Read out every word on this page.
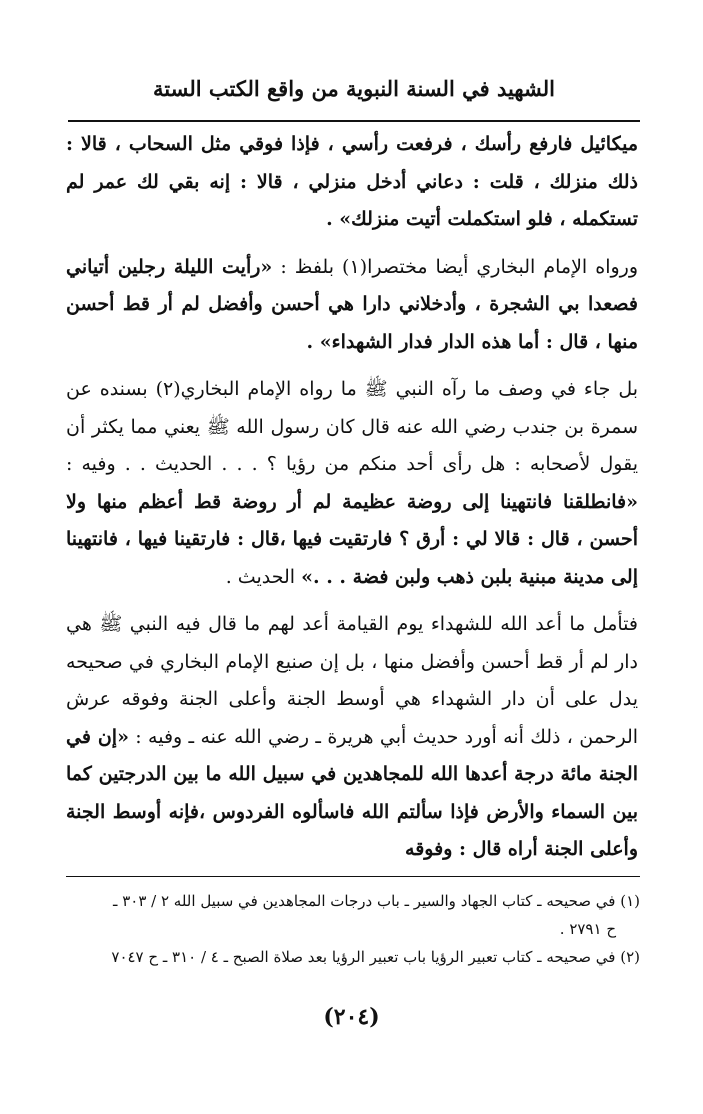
الشهيد في السنة النبوية من واقع الكتب الستة

ميكائيل فارفع رأسك ، فرفعت رأسي ، فإذا فوقي مثل السحاب ، قالا : ذلك منزلك ، قلت : دعاني أدخل منزلي ، قالا : إنه بقي لك عمر لم تستكمله ، فلو استكملت أتيت منزلك» .

ورواه الإمام البخاري أيضا مختصرا(١) بلفظ : «رأيت الليلة رجلين أتياني فصعدا بي الشجرة ، وأدخلاني دارا هي أحسن وأفضل لم أر قط أحسن منها ، قال : أما هذه الدار فدار الشهداء» .

بل جاء في وصف ما رآه النبي ﷺ ما رواه الإمام البخاري(٢) بسنده عن سمرة بن جندب رضي الله عنه قال كان رسول الله ﷺ يعني مما يكثر أن يقول لأصحابه : هل رأى أحد منكم من رؤيا ؟ . . . الحديث . . وفيه : «فانطلقنا فانتهينا إلى روضة عظيمة لم أر روضة قط أعظم منها ولا أحسن ، قال : قالا لي : أرق ؟ فارتقيت فيها ،قال : فارتقينا فيها ، فانتهينا إلى مدينة مبنية بلبن ذهب ولبن فضة . . .» الحديث .

فتأمل ما أعد الله للشهداء يوم القيامة أعد لهم ما قال فيه النبي ﷺ هي دار لم أر قط أحسن وأفضل منها ، بل إن صنيع الإمام البخاري في صحيحه يدل على أن دار الشهداء هي أوسط الجنة وأعلى الجنة وفوقه عرش الرحمن ، ذلك أنه أورد حديث أبي هريرة ـ رضي الله عنه ـ وفيه : «إن في الجنة مائة درجة أعدها الله للمجاهدين في سبيل الله ما بين الدرجتين كما بين السماء والأرض فإذا سألتم الله فاسألوه الفردوس ،فإنه أوسط الجنة وأعلى الجنة أراه قال : وفوقه

(١) في صحيحه ـ كتاب الجهاد والسير ـ باب درجات المجاهدين في سبيل الله ٢ / ٣٠٣ ـ

ح ٢٧٩١ .

(٢) في صحيحه ـ كتاب تعبير الرؤيا باب تعبير الرؤيا بعد صلاة الصبح ـ ٤ / ٣١٠ ـ ح ٧٠٤٧

(٢٠٤)
